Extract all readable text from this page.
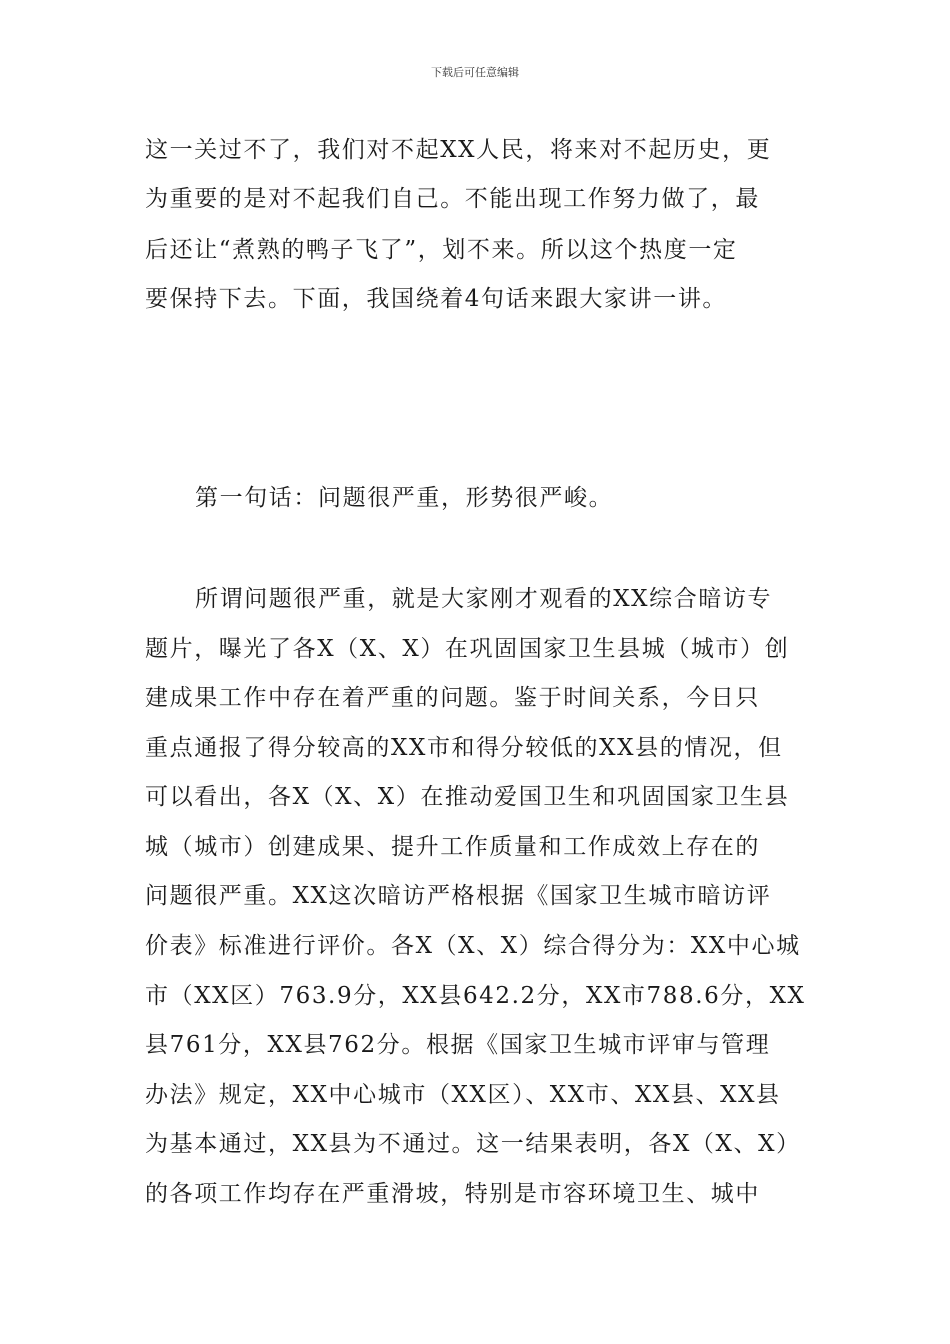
下载后可任意编辑
这一关过不了，我们对不起XX人民，将来对不起历史，更
为重要的是对不起我们自己。不能出现工作努力做了，最
后还让“煮熟的鸭子飞了”，划不来。所以这个热度一定
要保持下去。下面，我国绕着4句话来跟大家讲一讲。
第一句话：问题很严重，形势很严峻。
所谓问题很严重，就是大家刚才观看的XX综合暗访专
题片，曝光了各X（X、X）在巩固国家卫生县城（城市）创
建成果工作中存在着严重的问题。鉴于时间关系，今日只
重点通报了得分较高的XX市和得分较低的XX县的情况，但
可以看出，各X（X、X）在推动爱国卫生和巩固国家卫生县
城（城市）创建成果、提升工作质量和工作成效上存在的
问题很严重。XX这次暗访严格根据《国家卫生城市暗访评
价表》标准进行评价。各X（X、X）综合得分为：XX中心城
市（XX区）763.9分，XX县642.2分，XX市788.6分，XX
县761分，XX县762分。根据《国家卫生城市评审与管理
办法》规定，XX中心城市（XX区）、XX市、XX县、XX县
为基本通过，XX县为不通过。这一结果表明，各X（X、X）
的各项工作均存在严重滑坡，特别是市容环境卫生、城中
